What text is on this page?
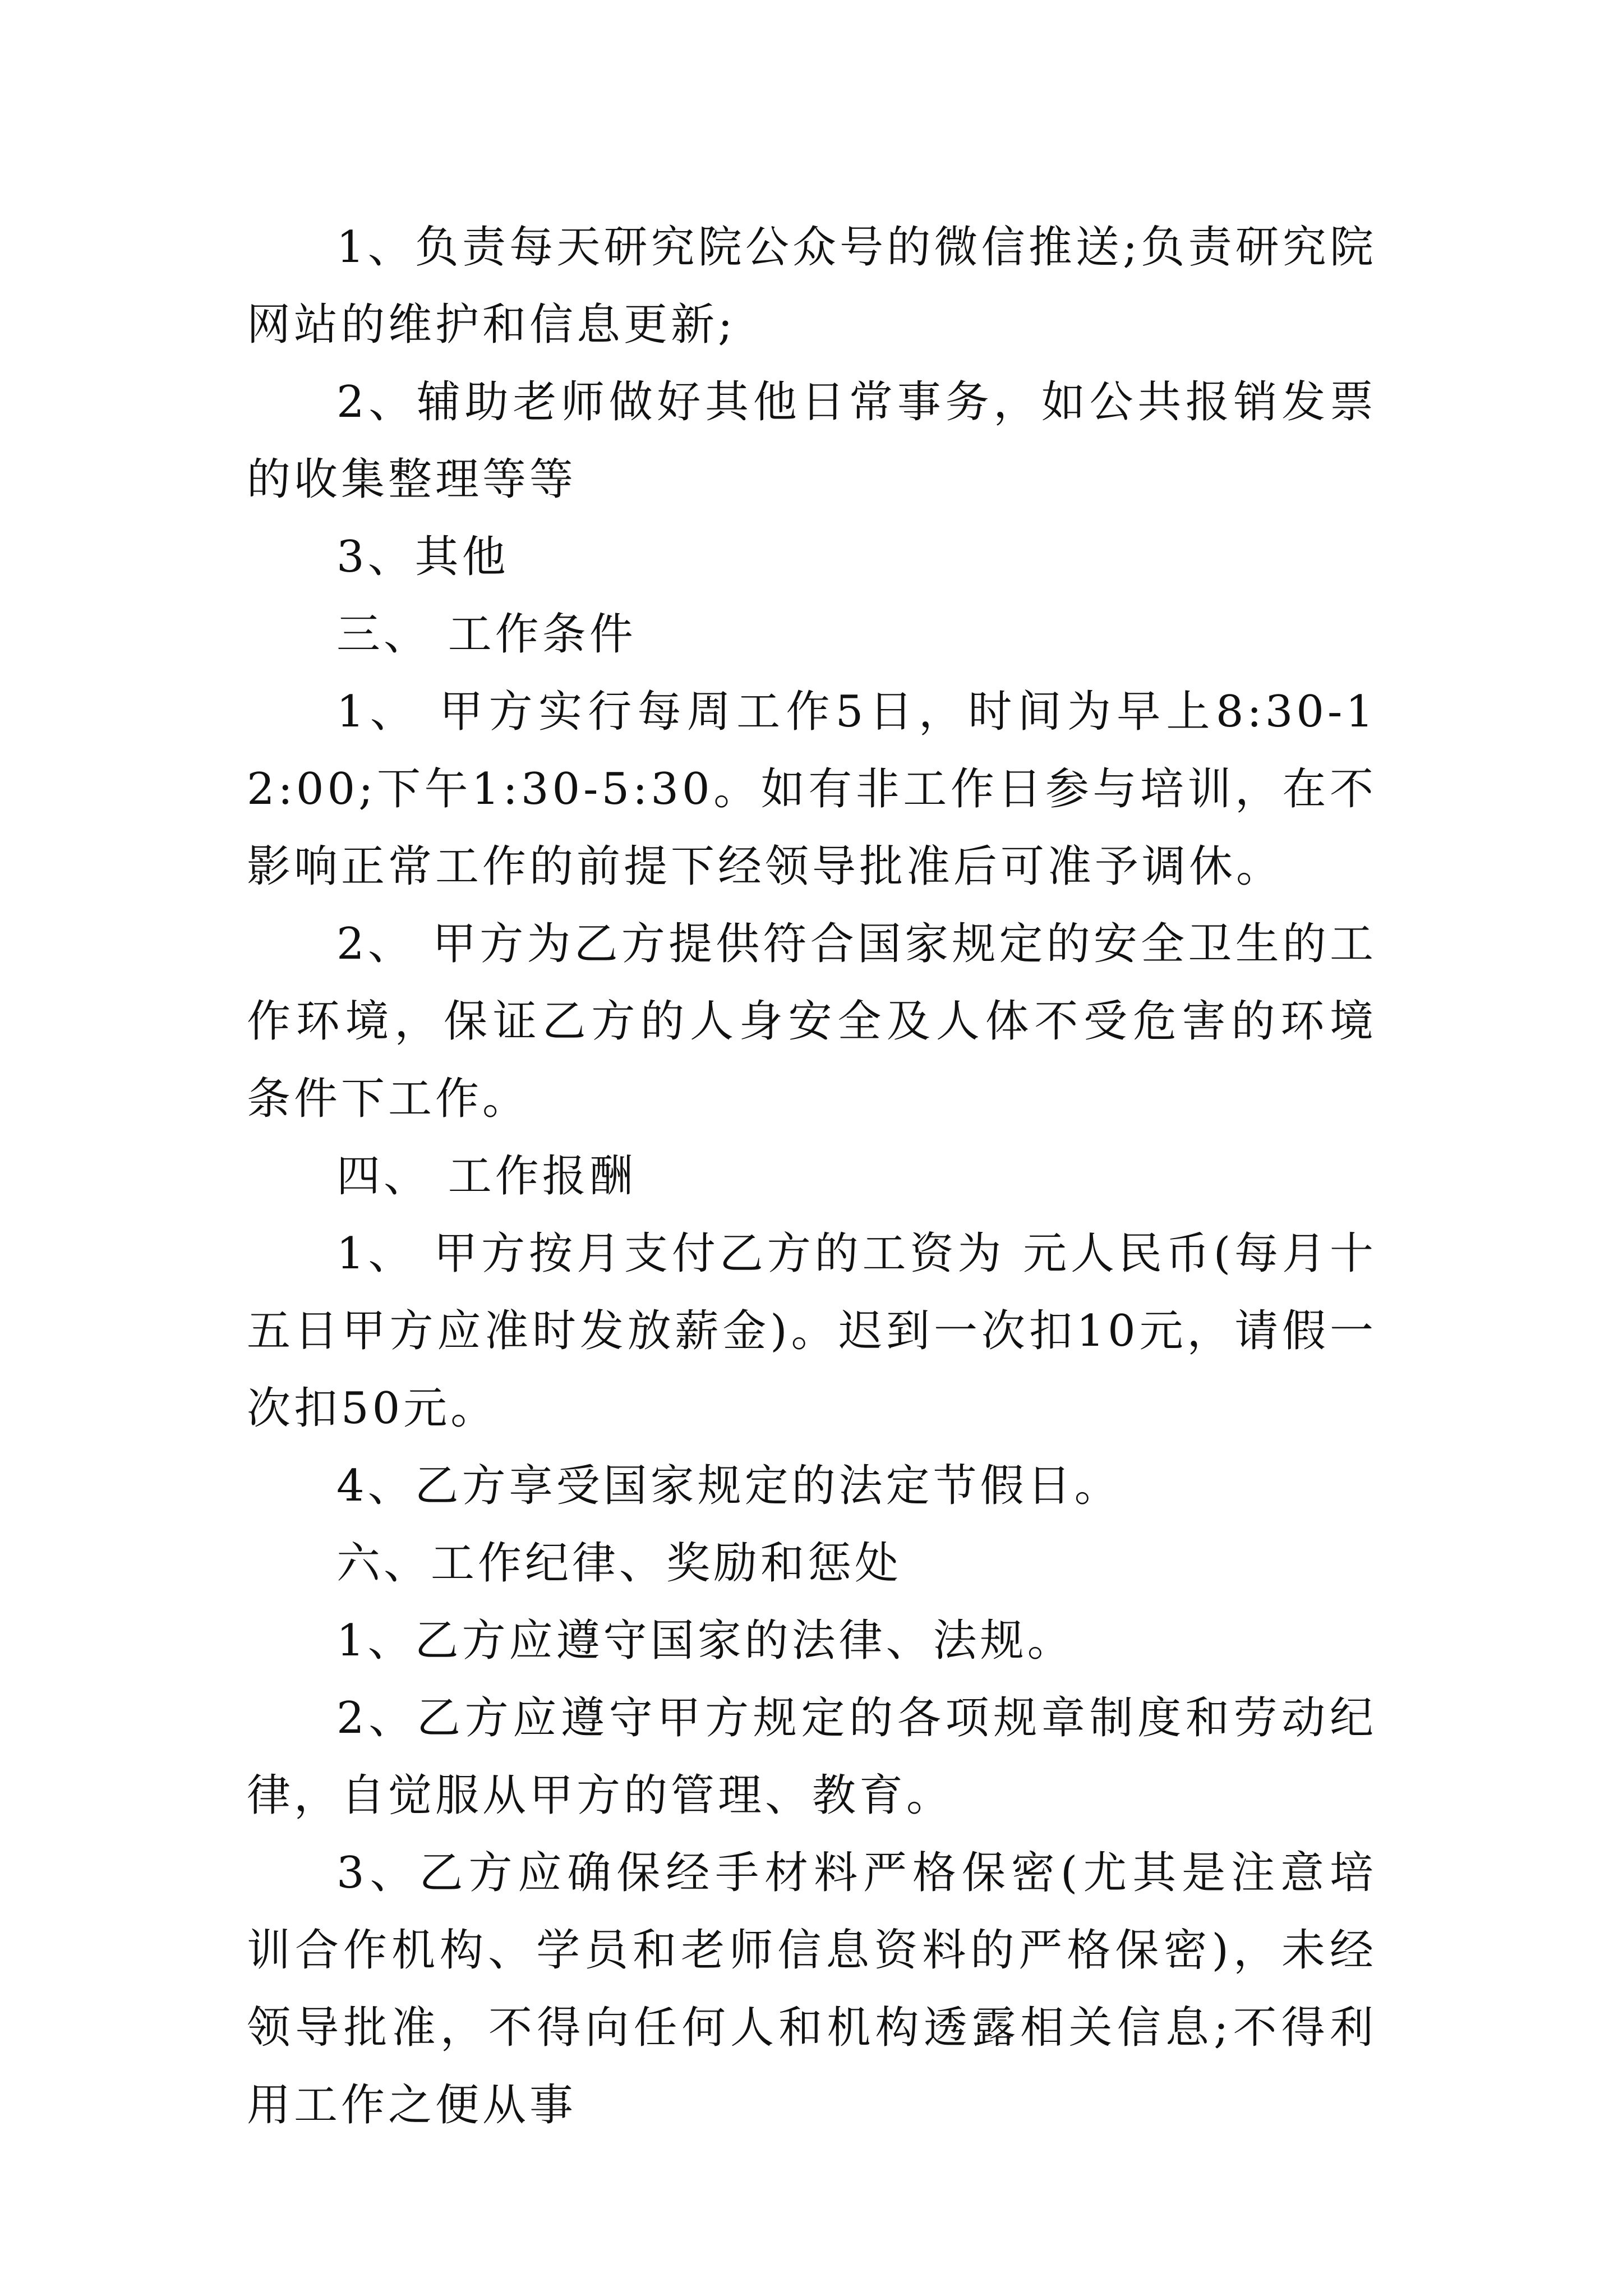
1、负责每天研究院公众号的微信推送;负责研究院网站的维护和信息更新;

2、辅助老师做好其他日常事务，如公共报销发票的收集整理等等

3、其他

三、 工作条件

1、 甲方实行每周工作5日，时间为早上8:30-12:00;下午1:30-5:30。如有非工作日参与培训，在不影响正常工作的前提下经领导批准后可准予调休。

2、 甲方为乙方提供符合国家规定的安全卫生的工作环境，保证乙方的人身安全及人体不受危害的环境条件下工作。

四、 工作报酬

1、 甲方按月支付乙方的工资为 元人民币(每月十五日甲方应准时发放薪金)。迟到一次扣10元，请假一次扣50元。

4、乙方享受国家规定的法定节假日。

六、工作纪律、奖励和惩处

1、乙方应遵守国家的法律、法规。

2、乙方应遵守甲方规定的各项规章制度和劳动纪律，自觉服从甲方的管理、教育。

3、乙方应确保经手材料严格保密(尤其是注意培训合作机构、学员和老师信息资料的严格保密)，未经领导批准，不得向任何人和机构透露相关信息;不得利用工作之便从事
